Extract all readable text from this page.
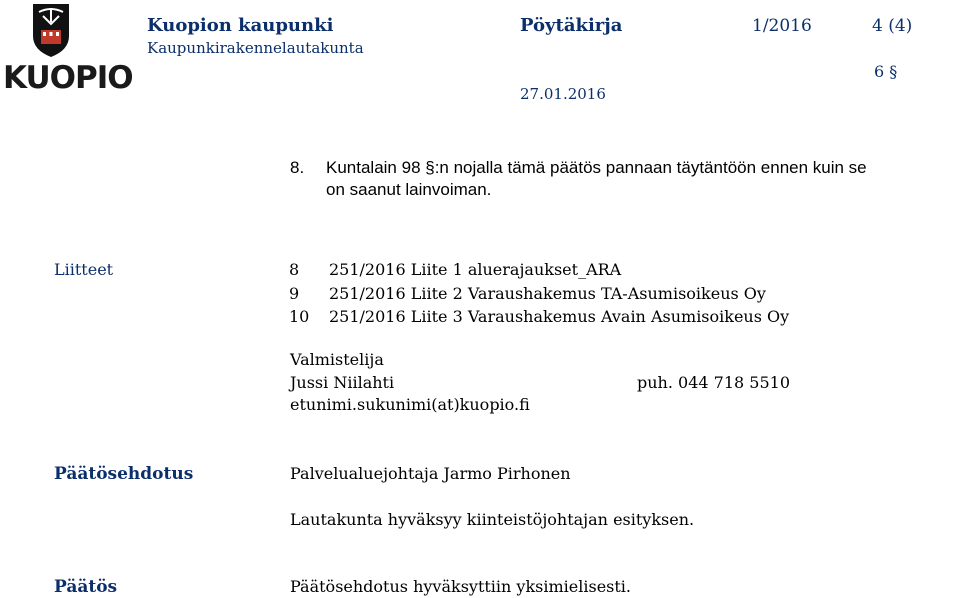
KUOPIO
Kuopion kaupunki
Kaupunkirakennelautakunta
Pöytäkirja	1/2016	4 (4)
6 §
27.01.2016
8. Kuntalain 98 §:n nojalla tämä päätös pannaan täytäntöön ennen kuin se
on saanut lainvoiman.
Liitteet	8 251/2016 Liite 1 aluerajaukset_ARA
9 251/2016 Liite 2 Varaushakemus TA-Asumisoikeus Oy
10 251/2016 Liite 3 Varaushakemus Avain Asumisoikeus Oy
Valmistelija
Jussi Niilahti	puh. 044 718 5510
etunimi.sukunimi(at)kuopio.fi
Päätösehdotus	Palvelualuejohtaja Jarmo Pirhonen
Lautakunta hyväksyy kiinteistöjohtajan esityksen.
Päätös	Päätösehdotus hyväksyttiin yksimielisesti.
